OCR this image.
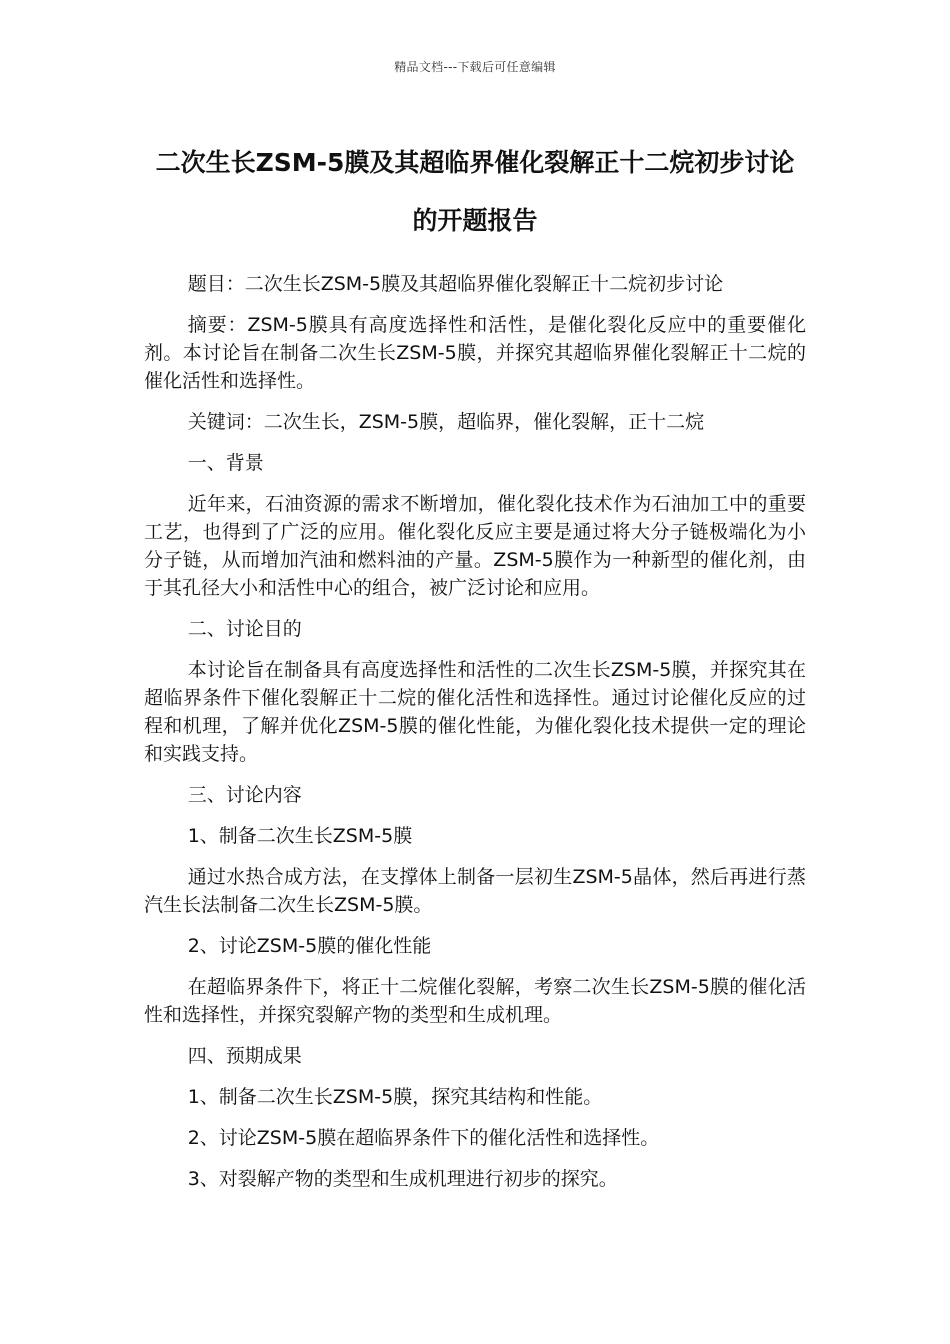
精品文档---下载后可任意编辑
二次生长ZSM-5膜及其超临界催化裂解正十二烷初步讨论的开题报告

题目：二次生长ZSM-5膜及其超临界催化裂解正十二烷初步讨论

摘要：ZSM-5膜具有高度选择性和活性，是催化裂化反应中的重要催化剂。本讨论旨在制备二次生长ZSM-5膜，并探究其超临界催化裂解正十二烷的催化活性和选择性。

关键词：二次生长，ZSM-5膜，超临界，催化裂解，正十二烷

一、背景

近年来，石油资源的需求不断增加，催化裂化技术作为石油加工中的重要工艺，也得到了广泛的应用。催化裂化反应主要是通过将大分子链极端化为小分子链，从而增加汽油和燃料油的产量。ZSM-5膜作为一种新型的催化剂，由于其孔径大小和活性中心的组合，被广泛讨论和应用。

二、讨论目的

本讨论旨在制备具有高度选择性和活性的二次生长ZSM-5膜，并探究其在超临界条件下催化裂解正十二烷的催化活性和选择性。通过讨论催化反应的过程和机理，了解并优化ZSM-5膜的催化性能，为催化裂化技术提供一定的理论和实践支持。

三、讨论内容

1、制备二次生长ZSM-5膜

通过水热合成方法，在支撑体上制备一层初生ZSM-5晶体，然后再进行蒸汽生长法制备二次生长ZSM-5膜。

2、讨论ZSM-5膜的催化性能

在超临界条件下，将正十二烷催化裂解，考察二次生长ZSM-5膜的催化活性和选择性，并探究裂解产物的类型和生成机理。

四、预期成果

1、制备二次生长ZSM-5膜，探究其结构和性能。

2、讨论ZSM-5膜在超临界条件下的催化活性和选择性。

3、对裂解产物的类型和生成机理进行初步的探究。
